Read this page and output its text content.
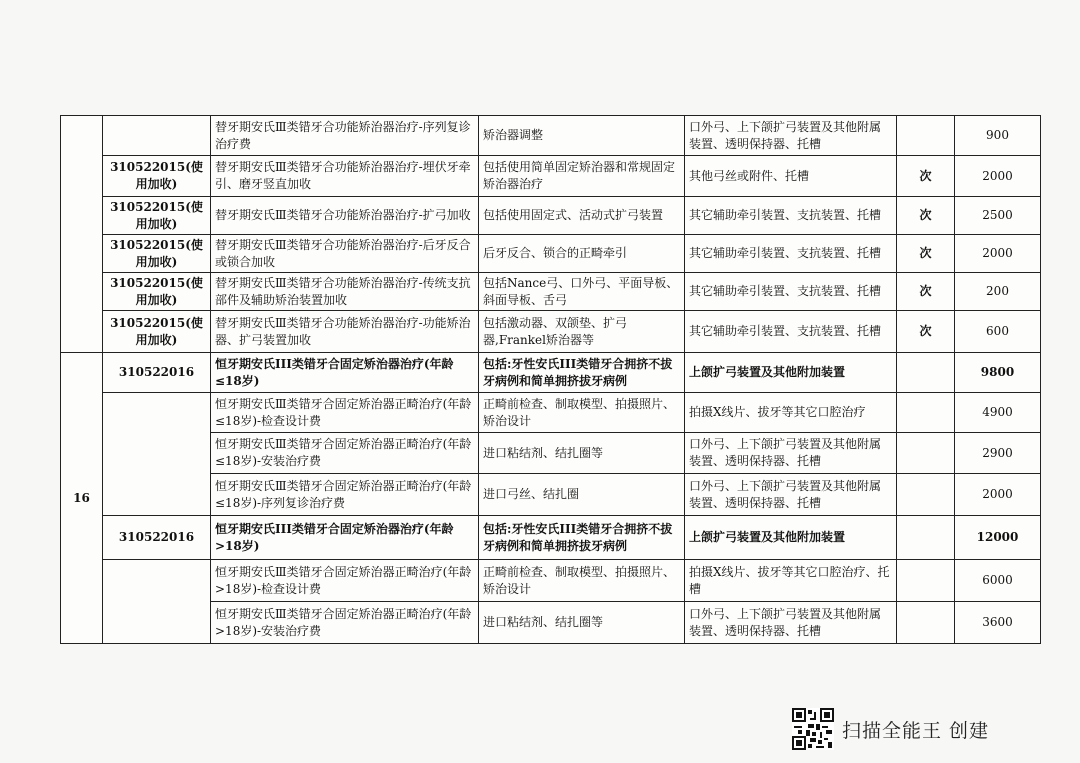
		替牙期安氏Ⅲ类错牙合功能矫治器治疗-序列复诊治疗费	矫治器调整	口外弓、上下颌扩弓装置及其他附属装置、透明保持器、托槽		900
	310522015(使用加收)	替牙期安氏Ⅲ类错牙合功能矫治器治疗-埋伏牙牵引、磨牙竖直加收	包括使用简单固定矫治器和常规固定矫治器治疗	其他弓丝或附件、托槽	次	2000
	310522015(使用加收)	替牙期安氏Ⅲ类错牙合功能矫治器治疗-扩弓加收	包括使用固定式、活动式扩弓装置	其它辅助牵引装置、支抗装置、托槽	次	2500
	310522015(使用加收)	替牙期安氏Ⅲ类错牙合功能矫治器治疗-后牙反合或锁合加收	后牙反合、锁合的正畸牵引	其它辅助牵引装置、支抗装置、托槽	次	2000
	310522015(使用加收)	替牙期安氏Ⅲ类错牙合功能矫治器治疗-传统支抗部件及辅助矫治装置加收	包括Nance弓、口外弓、平面导板、斜面导板、舌弓	其它辅助牵引装置、支抗装置、托槽	次	200
	310522015(使用加收)	替牙期安氏Ⅲ类错牙合功能矫治器治疗-功能矫治器、扩弓装置加收	包括激动器、双颌垫、扩弓器,Frankel矫治器等	其它辅助牵引装置、支抗装置、托槽	次	600
16	310522016	恒牙期安氏III类错牙合固定矫治器治疗(年龄≤18岁)	包括:牙性安氏III类错牙合拥挤不拔牙病例和简单拥挤拔牙病例	上颌扩弓装置及其他附加装置		9800
		恒牙期安氏Ⅲ类错牙合固定矫治器正畸治疗(年龄≤18岁)-检查设计费	正畸前检查、制取模型、拍摄照片、矫治设计	拍摄X线片、拔牙等其它口腔治疗		4900
		恒牙期安氏Ⅲ类错牙合固定矫治器正畸治疗(年龄≤18岁)-安装治疗费	进口粘结剂、结扎圈等	口外弓、上下颌扩弓装置及其他附属装置、透明保持器、托槽		2900
		恒牙期安氏Ⅲ类错牙合固定矫治器正畸治疗(年龄≤18岁)-序列复诊治疗费	进口弓丝、结扎圈	口外弓、上下颌扩弓装置及其他附属装置、透明保持器、托槽		2000
	310522016	恒牙期安氏III类错牙合固定矫治器治疗(年龄>18岁)	包括:牙性安氏III类错牙合拥挤不拔牙病例和简单拥挤拔牙病例	上颌扩弓装置及其他附加装置		12000
		恒牙期安氏Ⅲ类错牙合固定矫治器正畸治疗(年龄>18岁)-检查设计费	正畸前检查、制取模型、拍摄照片、矫治设计	拍摄X线片、拔牙等其它口腔治疗、托槽		6000
		恒牙期安氏Ⅲ类错牙合固定矫治器正畸治疗(年龄>18岁)-安装治疗费	进口粘结剂、结扎圈等	口外弓、上下颌扩弓装置及其他附属装置、透明保持器、托槽		3600
扫描全能王 创建
